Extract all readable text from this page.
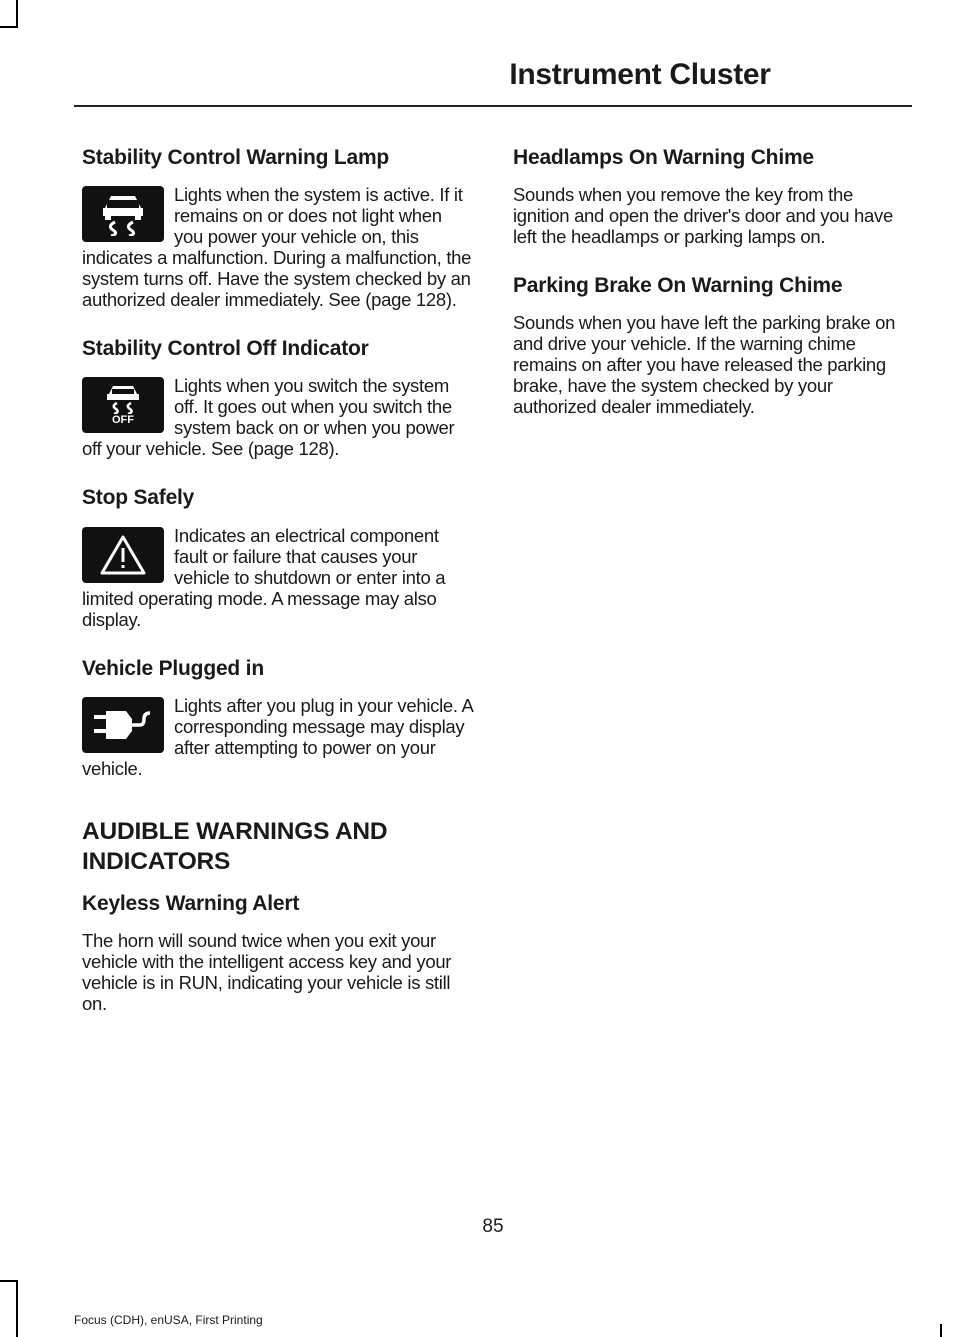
Instrument Cluster
Stability Control Warning Lamp

Lights when the system is active. If it remains on or does not light when you power your vehicle on, this indicates a malfunction. During a malfunction, the system turns off. Have the system checked by an authorized dealer immediately. See (page 128).

Stability Control Off Indicator
OFF

Lights when you switch the system off. It goes out when you switch the system back on or when you power off your vehicle. See (page 128).

Stop Safely

Indicates an electrical component fault or failure that causes your vehicle to shutdown or enter into a limited operating mode. A message may also display.

Vehicle Plugged in

Lights after you plug in your vehicle. A corresponding message may display after attempting to power on your vehicle.

AUDIBLE WARNINGS AND
INDICATORS
Keyless Warning Alert

The horn will sound twice when you exit your vehicle with the intelligent access key and your vehicle is in RUN, indicating your vehicle is still on.

Headlamps On Warning Chime

Sounds when you remove the key from the ignition and open the driver's door and you have left the headlamps or parking lamps on.

Parking Brake On Warning Chime

Sounds when you have left the parking brake on and drive your vehicle. If the warning chime remains on after you have released the parking brake, have the system checked by your authorized dealer immediately.

85
Focus (CDH), enUSA, First Printing
